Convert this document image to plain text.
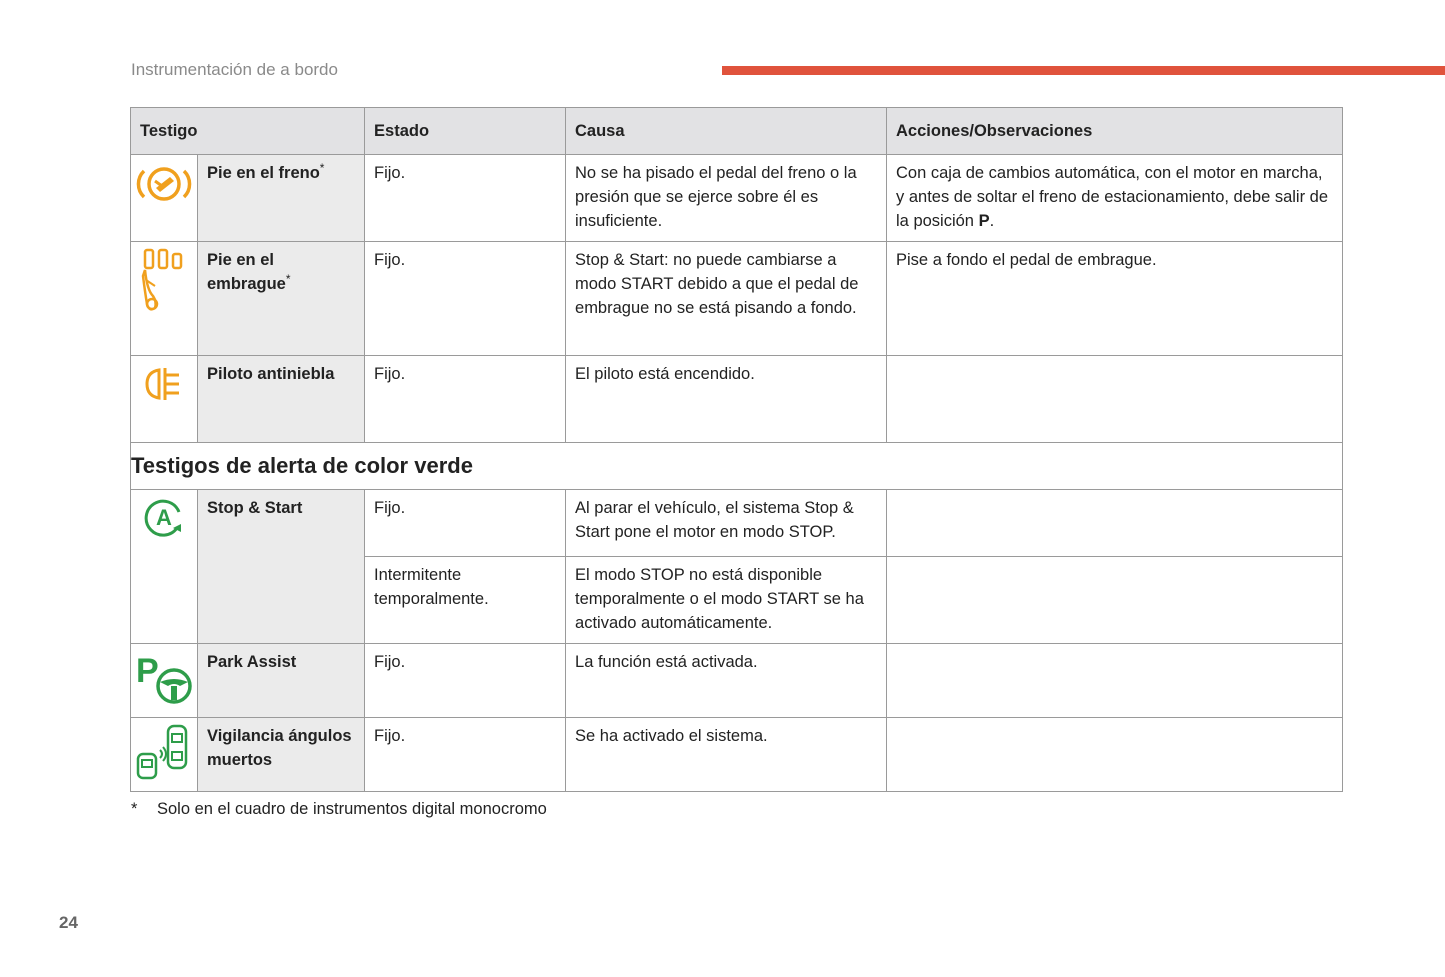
Instrumentación de a bordo
Testigo		Estado	Causa	Acciones/Observaciones

	Pie en el freno*	Fijo.	No se ha pisado el pedal del freno o la presión que se ejerce sobre él es insuficiente.	Con caja de cambios automática, con el motor en marcha, y antes de soltar el freno de estacionamiento, debe salir de la posición P.

	Pie en el embrague*	Fijo.	Stop & Start: no puede cambiarse a modo START debido a que el pedal de embrague no se está pisando a fondo.	Pise a fondo el pedal de embrague.

	Piloto antiniebla	Fijo.	El piloto está encendido.	
Testigos de alerta de color verde				

A	Stop & Start	Fijo.	Al parar el vehículo, el sistema Stop & Start pone el motor en modo STOP.	
		Intermitente temporalmente.	El modo STOP no está disponible temporalmente o el modo START se ha activado automáticamente.	

P	Park Assist	Fijo.	La función está activada.	

	Vigilancia ángulos muertos	Fijo.	Se ha activado el sistema.	
* Solo en el cuadro de instrumentos digital monocromo
24
